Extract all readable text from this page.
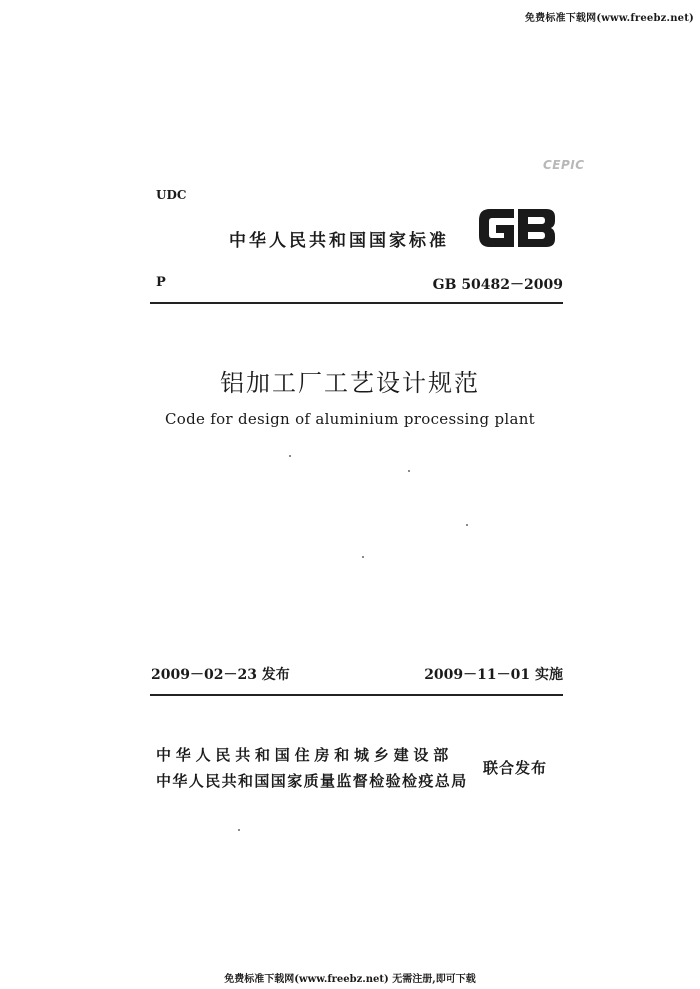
免费标准下载网(www.freebz.net)
CEPIC
UDC
中华人民共和国国家标准
P	GB 50482－2009
铝加工厂工艺设计规范
Code for design of aluminium processing plant
2009－02－23 发布	2009－11－01 实施
中华人民共和国住房和城乡建设部
中华人民共和国国家质量监督检验检疫总局
联合发布
免费标准下载网(www.freebz.net) 无需注册,即可下载
